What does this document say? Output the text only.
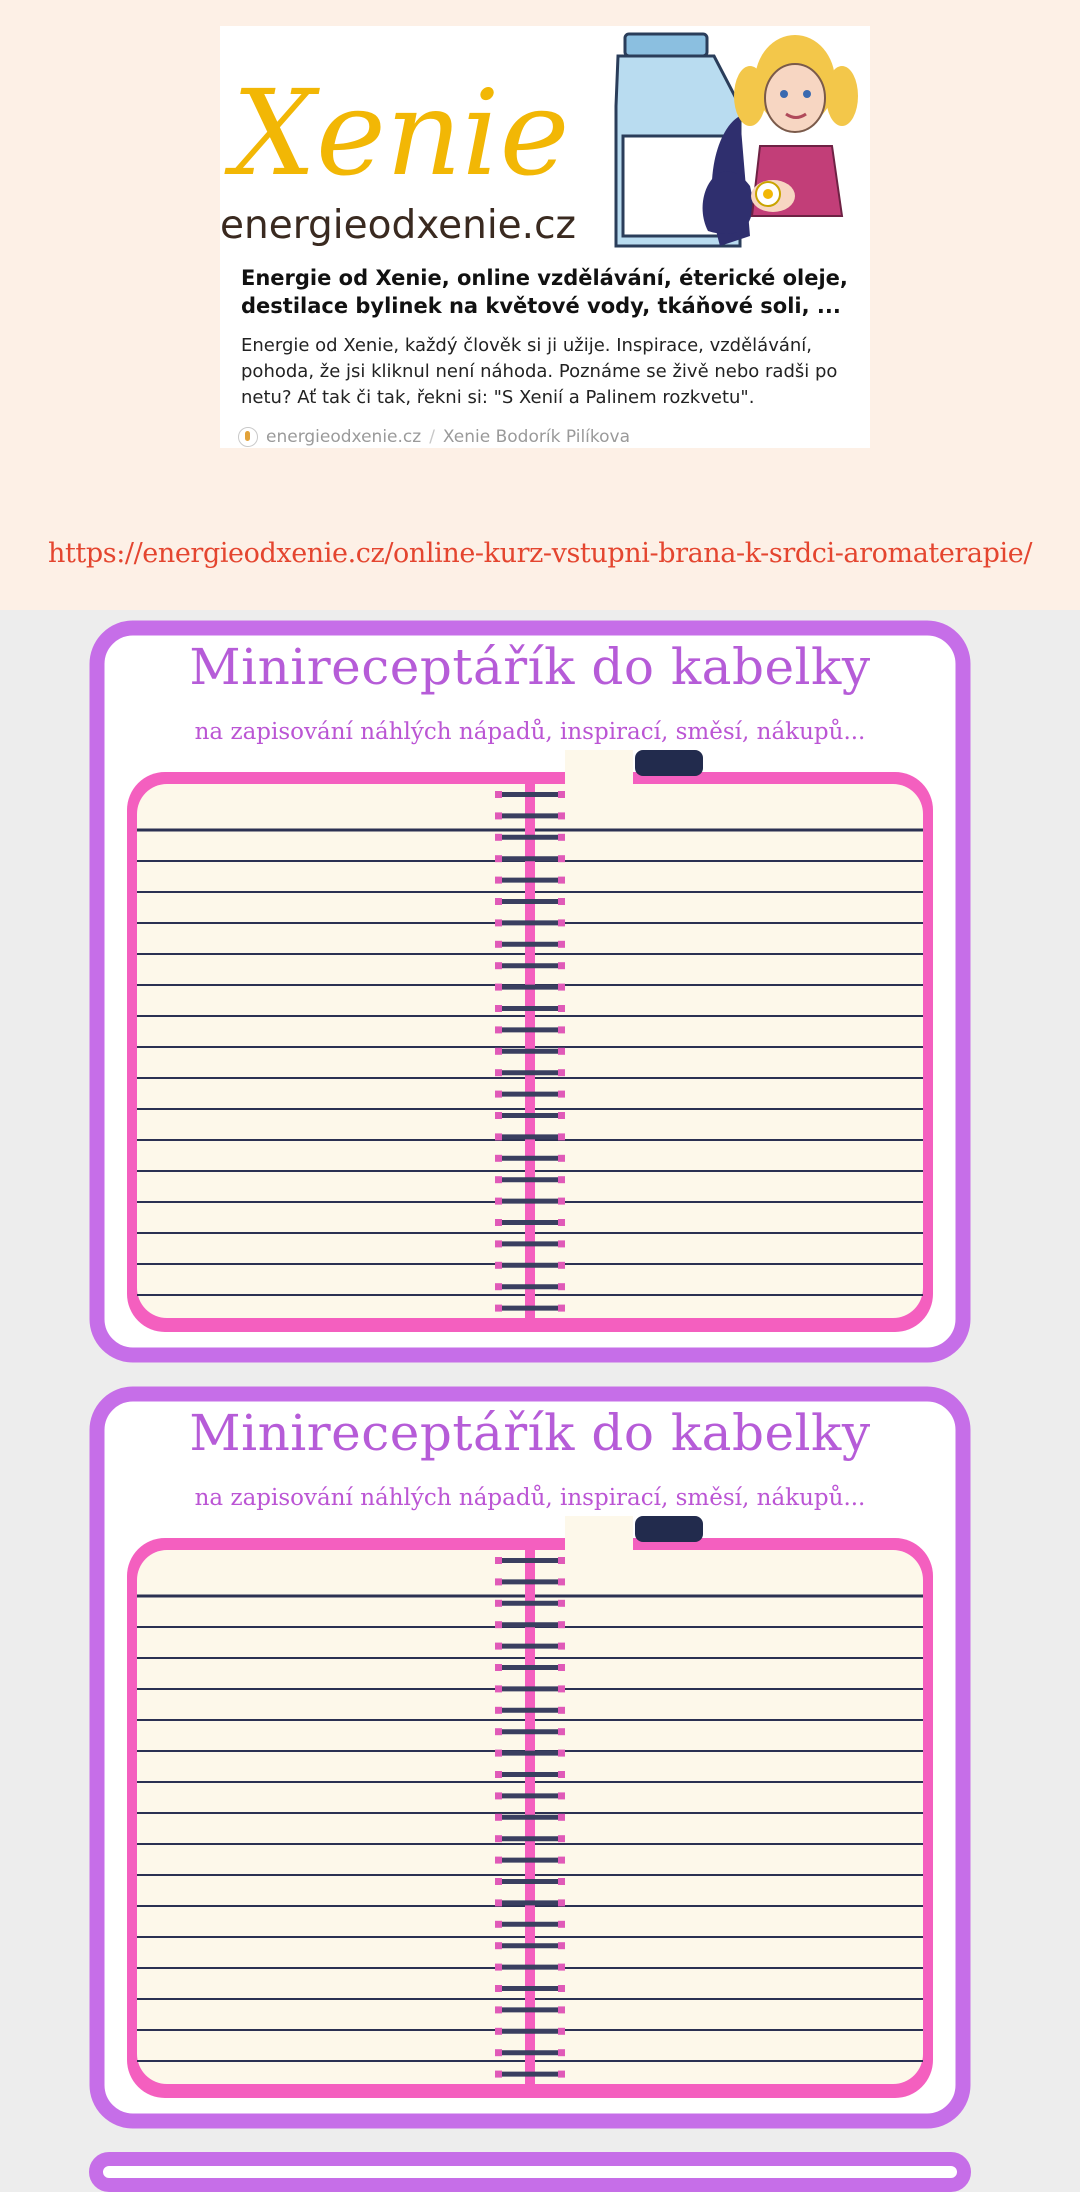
Xenie
energieodxenie.cz
Energie od Xenie, online vzdělávání, éterické oleje, destilace bylinek na květové vody, tkáňové soli, ...
Energie od Xenie, každý člověk si ji užije. Inspirace, vzdělávání, pohoda, že jsi kliknul není náhoda. Poznáme se živě nebo radši po netu? Ať tak či tak, řekni si: "S Xenií a Palinem rozkvetu".
energieodxenie.cz / Xenie Bodorík Pilíkova
https://energieodxenie.cz/online-kurz-vstupni-brana-k-srdci-aromaterapie/
Minireceptářík do kabelky
na zapisování náhlých nápadů, inspirací, směsí, nákupů...
Minireceptářík do kabelky
na zapisování náhlých nápadů, inspirací, směsí, nákupů...
